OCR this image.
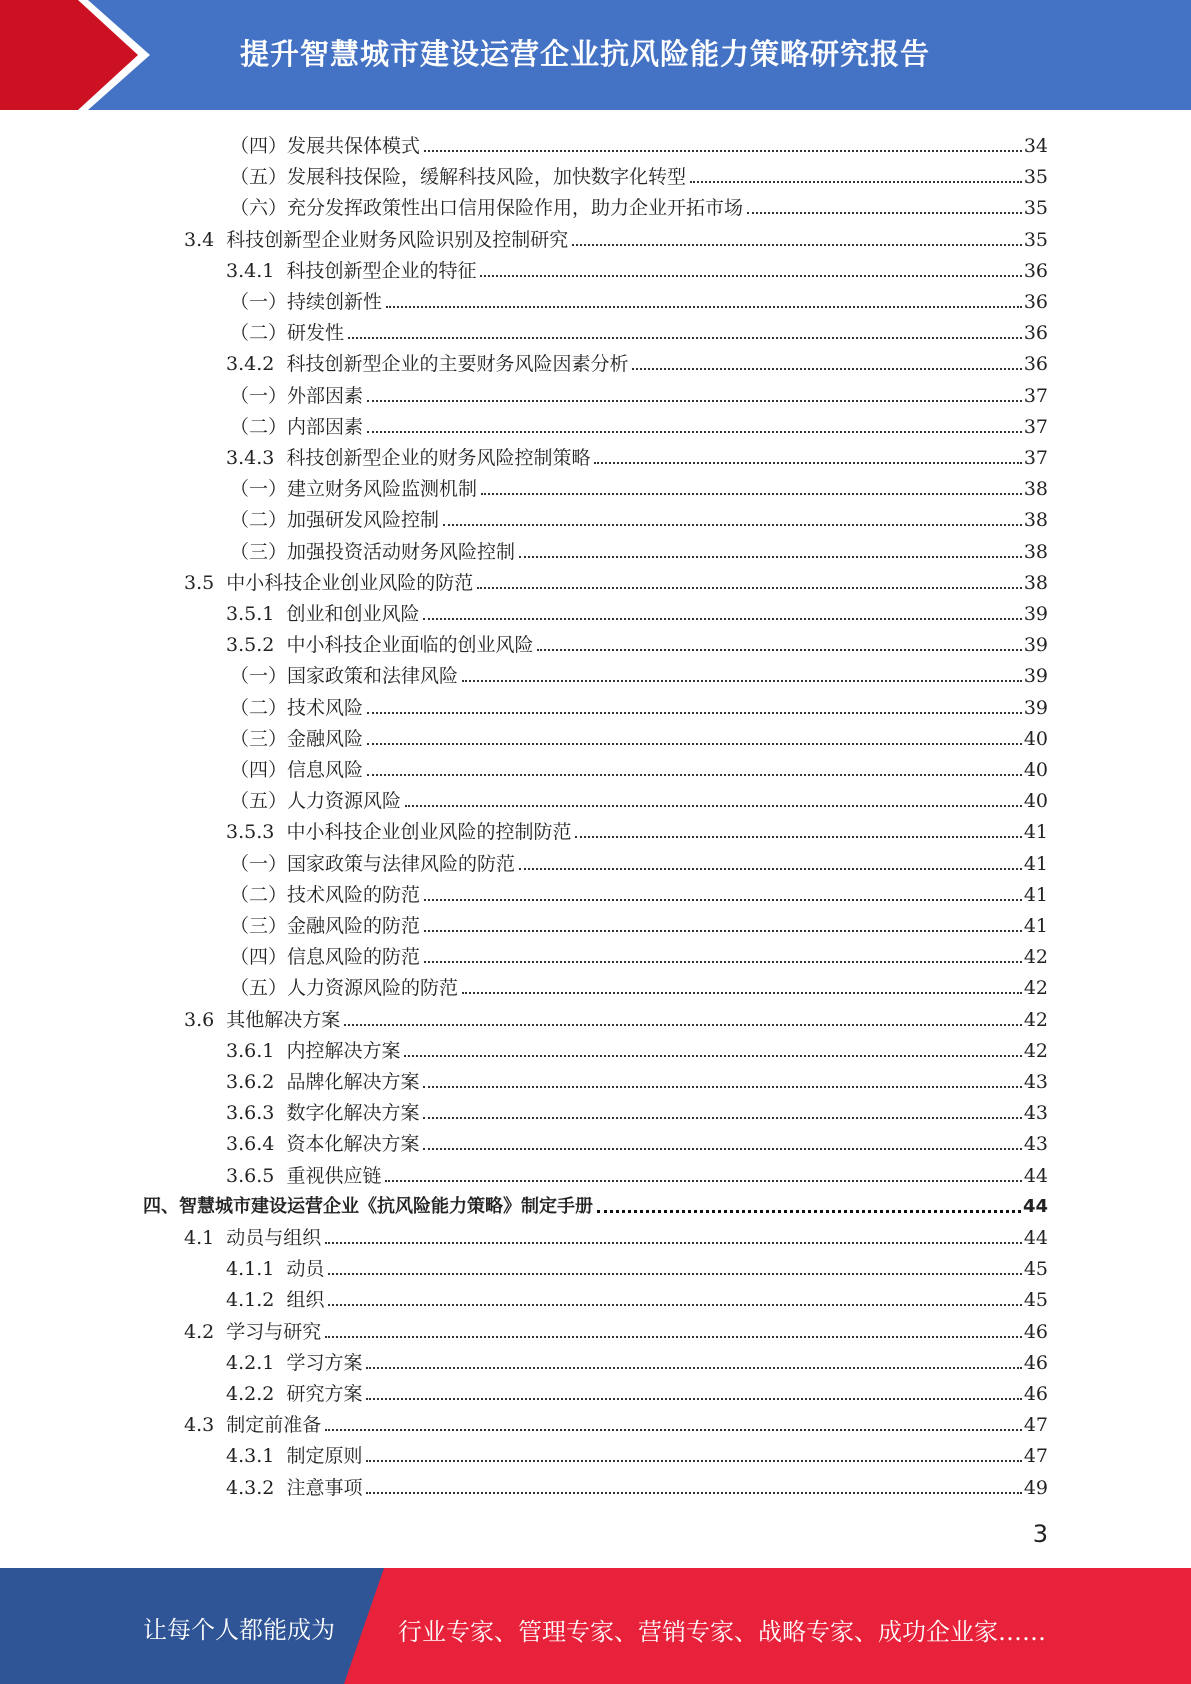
提升智慧城市建设运营企业抗风险能力策略研究报告
（四）发展共保体模式	34
（五）发展科技保险，缓解科技风险，加快数字化转型	35
（六）充分发挥政策性出口信用保险作用，助力企业开拓市场	35
3.4 科技创新型企业财务风险识别及控制研究	35
3.4.1 科技创新型企业的特征	36
（一）持续创新性	36
（二）研发性	36
3.4.2 科技创新型企业的主要财务风险因素分析	36
（一）外部因素	37
（二）内部因素	37
3.4.3 科技创新型企业的财务风险控制策略	37
（一）建立财务风险监测机制	38
（二）加强研发风险控制	38
（三）加强投资活动财务风险控制	38
3.5 中小科技企业创业风险的防范	38
3.5.1 创业和创业风险	39
3.5.2 中小科技企业面临的创业风险	39
（一）国家政策和法律风险	39
（二）技术风险	39
（三）金融风险	40
（四）信息风险	40
（五）人力资源风险	40
3.5.3 中小科技企业创业风险的控制防范	41
（一）国家政策与法律风险的防范	41
（二）技术风险的防范	41
（三）金融风险的防范	41
（四）信息风险的防范	42
（五）人力资源风险的防范	42
3.6 其他解决方案	42
3.6.1 内控解决方案	42
3.6.2 品牌化解决方案	43
3.6.3 数字化解决方案	43
3.6.4 资本化解决方案	43
3.6.5 重视供应链	44
四、智慧城市建设运营企业《抗风险能力策略》制定手册	44
4.1 动员与组织	44
4.1.1 动员	45
4.1.2 组织	45
4.2 学习与研究	46
4.2.1 学习方案	46
4.2.2 研究方案	46
4.3 制定前准备	47
4.3.1 制定原则	47
4.3.2 注意事项	49
3
让每个人都能成为	行业专家、管理专家、营销专家、战略专家、成功企业家……
